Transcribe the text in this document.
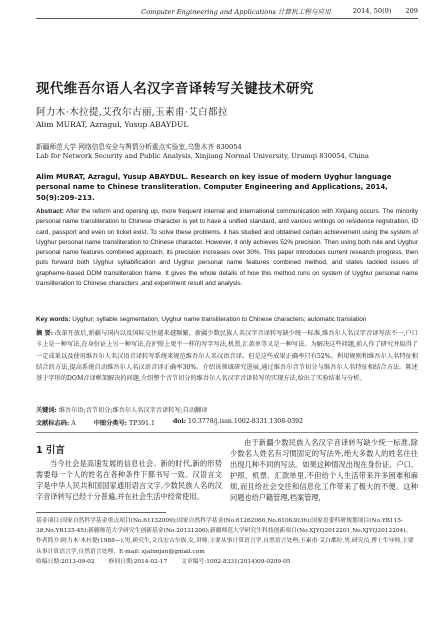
Computer Engineering and Applications 计算机工程与应用	2014, 50(9) 209
现代维吾尔语人名汉字音译转写关键技术研究
阿力木·木拉提,艾孜尔古丽,玉素甫·艾白都拉
Alim MURAT, Azragul, Yusup ABAYDUL
新疆师范大学 网络信息安全与舆情分析重点实验室,乌鲁木齐 830054
Lab for Network Security and Public Analysis, Xinjiang Normal University, Urumqi 830054, China
Alim MURAT, Azragul, Yusup ABAYDUL. Research on key issue of modern Uyghur language personal name to Chinese transliteration. Computer Engineering and Applications, 2014, 50(9):209-213.
Abstract: After the reform and opening up, more frequent internal and international communication with Xinjiang occurs. The minority personal name transliteration to Chinese character is yet to have a unified standard, and various writings on residence registration, ID card, passport and even on ticket exist. To solve these problems, it has studied and obtained certain achievement using the system of Uyghur personal name transliteration to Chinese character. However, it only achieves 52% precision. Then using both rule and Uyghur personal name features combined approach, its precision increases over 30%. This paper introduces current research progress, then puts forward both Uyghur syllabification and Uyghur personal name features combined method, and states tackled issues of grapheme-based DOM transliteration frame. It gives the whole details of how this method runs on system of Uyghur personal name transliteration to Chinese characters ,and experiment result and analysis.
Key words: Uyghur; syllable segmentation; Uyghur name transliteration to Chinese characters; automatic translation
摘 要: 改革开放后,新疆与国内以及国际交往越来越频繁。新疆少数民族人名汉字音译转写缺少统一标准,维吾尔人名汉字音译写法不一,户口卡上是一种写法,在身份证上另一种写法,在护照上更不一样的写字写法,机票,汇款单等又是一种写法。为解决这些问题,前人作了研究并取得了一定成果以及使用维吾尔人名汉语音译转写系统来规范维吾尔人名汉语音译。但是这些成果正确率只有52%。利用规则和维吾尔人名特征相结合的方法,提高系统自动维吾尔人名汉语音译正确率30%。介绍该领域研究进展,通过维吾尔音节切分与维吾尔人名特征相结合方法。陈述基于字形的DOM音译框架解决的问题,介绍整个音节切分的维吾尔人名汉字音译转写的实现方法,给出了实验结果与分析。
关键词: 维吾尔语;音节切分;维吾尔人名汉字音译转写;自动翻译
文献标志码: A	中图分类号: TP391.1	doi: 10.3778/j.issn.1002-8331.1308-0392
1 引言
当今社会是高速发展的信息社会。新的时代,新的形势需要每一个人的姓名在各种条件下都书写一致。汉语言文字是中华人民共和国国家通用语言文字,少数民族人名的汉字音译转写已经十分普遍,并在社会生活中经常使用。
由于新疆少数民族人名汉字音译转写缺少统一标准,除少数名人姓名有习惯固定的写法外,绝大多数人的姓名往往出现几种不同的写法。如果这种情况出现在身份证、户口、护照、机票、汇款单里,不但给个人生活带来许多困难和麻烦,而且给社会交往和信息化工作带来了极大的不便。这种问题也给户籍管理,档案管理,

基金项目:国家自然科学基金重点项目(No.61132009);国家自然科学基金(No.61262066,No.61063036);国家语委科研规划项目(No.YB115-38,No.YB125-45);新疆师范大学研究生创新基金(No.20121206);新疆师范大学研究生科技创新项目(No.XJYQ2012201,No.XJYQ2012204)。

作者简介:阿力木·木拉提(1988—),男,研究生,文良宏古尔族,女,讲师,主要从事计算语言学,自然语言处理;玉素甫·艾白都拉,男,研究员,博士生导师,主要从事计算语言学,自然语言处理。E-mail: xjalimjan@gmail.com

收稿日期:2013-09-02 修回日期:2014-02-17 文章编号:1002-8331(2014)09-0209-05
